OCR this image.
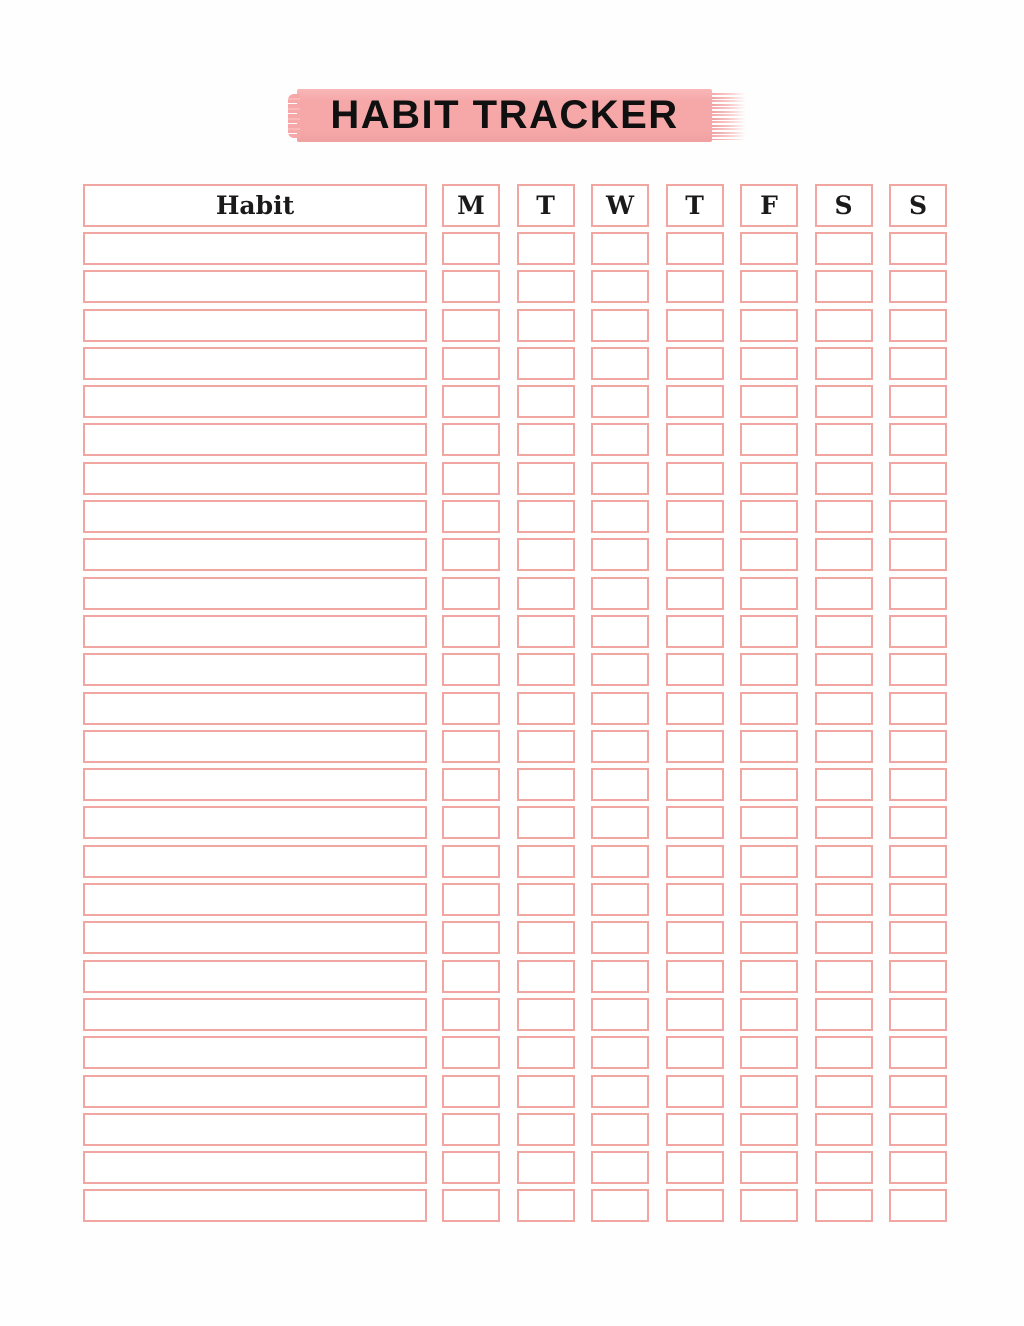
HABIT TRACKER
Habit	M T W T F S S
